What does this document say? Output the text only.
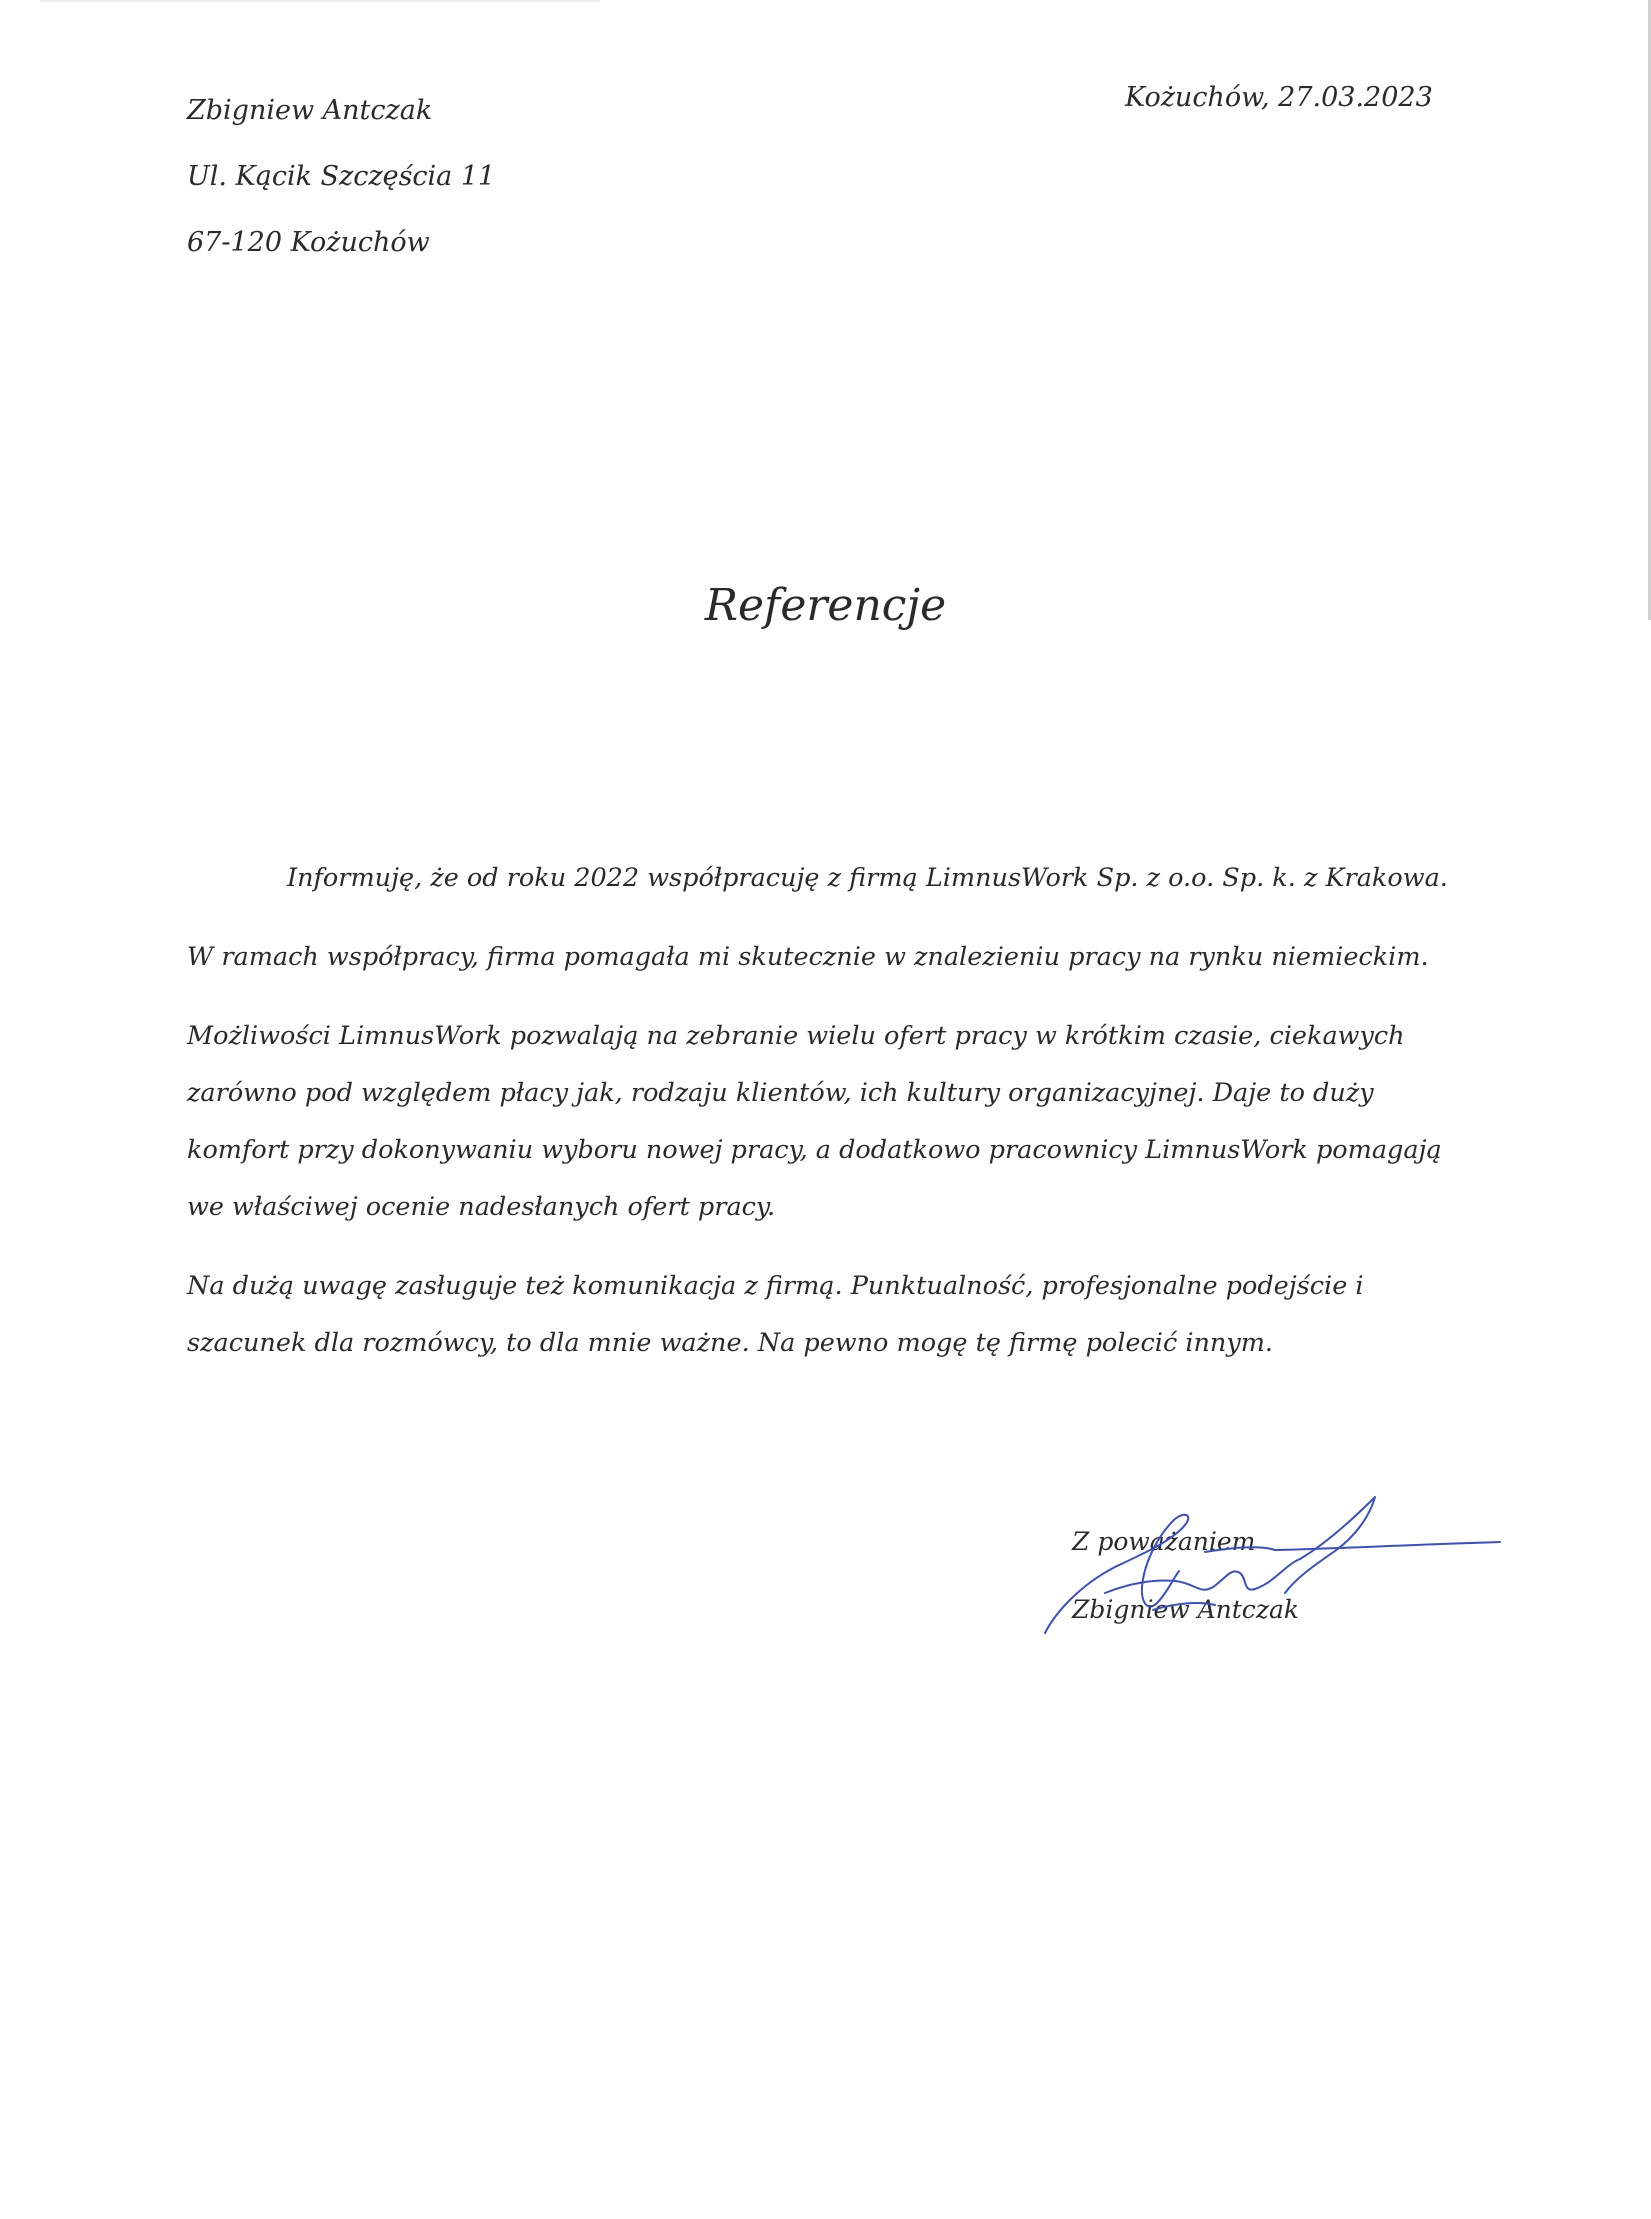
Zbigniew Antczak
Ul. Kącik Szczęścia 11
67-120 Kożuchów
Kożuchów, 27.03.2023
Referencje

Informuję, że od roku 2022 współpracuję z firmą LimnusWork Sp. z o.o. Sp. k. z Krakowa.

W ramach współpracy, firma pomagała mi skutecznie w znalezieniu pracy na rynku niemieckim.

Możliwości LimnusWork pozwalają na zebranie wielu ofert pracy w krótkim czasie, ciekawych zarówno pod względem płacy jak, rodzaju klientów, ich kultury organizacyjnej. Daje to duży komfort przy dokonywaniu wyboru nowej pracy, a dodatkowo pracownicy LimnusWork pomagają we właściwej ocenie nadesłanych ofert pracy.

Na dużą uwagę zasługuje też komunikacja z firmą. Punktualność, profesjonalne podejście i szacunek dla rozmówcy, to dla mnie ważne. Na pewno mogę tę firmę polecić innym.

Z poważaniem
Zbigniew Antczak
